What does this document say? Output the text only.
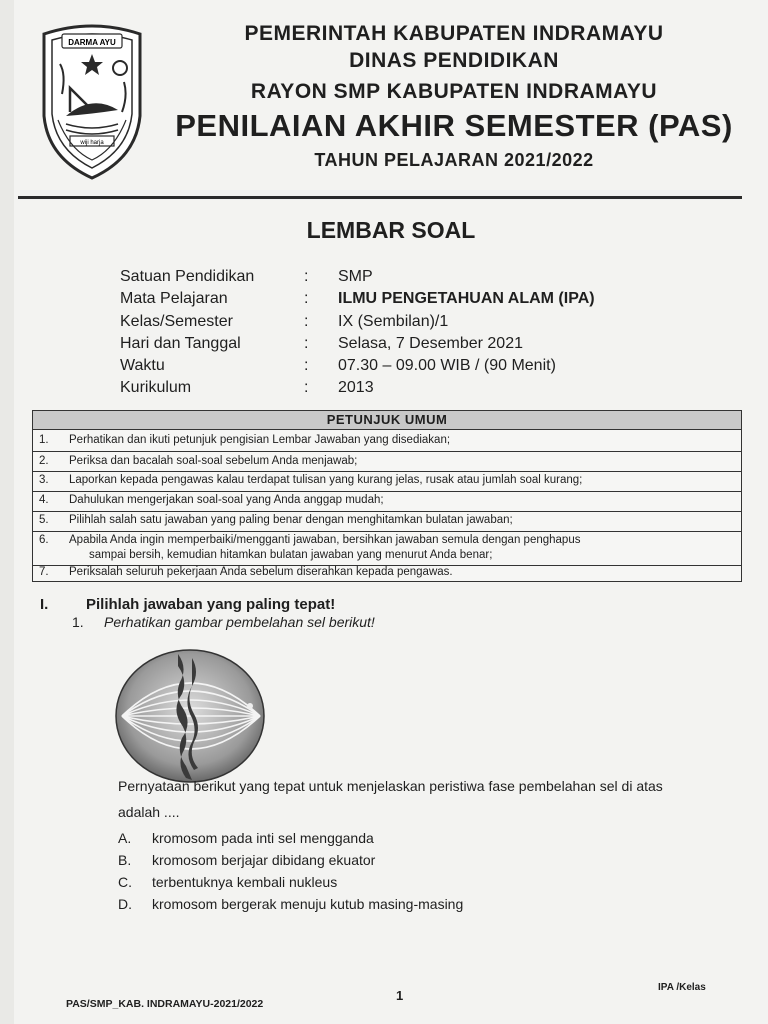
DARMA AYU
wiji harja
PEMERINTAH KABUPATEN INDRAMAYU
DINAS PENDIDIKAN
RAYON SMP KABUPATEN INDRAMAYU
PENILAIAN AKHIR SEMESTER (PAS)
TAHUN PELAJARAN 2021/2022
LEMBAR SOAL
Satuan Pendidikan	: SMP
Mata Pelajaran	: ILMU PENGETAHUAN ALAM (IPA)
Kelas/Semester	: IX (Sembilan)/1
Hari dan Tanggal	: Selasa, 7 Desember 2021
Waktu	: 07.30 – 09.00 WIB / (90 Menit)
Kurikulum	: 2013
PETUNJUK UMUM
1. Perhatikan dan ikuti petunjuk pengisian Lembar Jawaban yang disediakan;
2. Periksa dan bacalah soal-soal sebelum Anda menjawab;
3. Laporkan kepada pengawas kalau terdapat tulisan yang kurang jelas, rusak atau jumlah soal kurang;
4. Dahulukan mengerjakan soal-soal yang Anda anggap mudah;
5. Pilihlah salah satu jawaban yang paling benar dengan menghitamkan bulatan jawaban;
6. Apabila Anda ingin memperbaiki/mengganti jawaban, bersihkan jawaban semula dengan penghapus
sampai bersih, kemudian hitamkan bulatan jawaban yang menurut Anda benar;
7. Periksalah seluruh pekerjaan Anda sebelum diserahkan kepada pengawas.
I.	Pilihlah jawaban yang paling tepat!
1. Perhatikan gambar pembelahan sel berikut!
Pernyataan berikut yang tepat untuk menjelaskan peristiwa fase pembelahan sel di atas
adalah ....
A. kromosom pada inti sel mengganda
B. kromosom berjajar dibidang ekuator
C. terbentuknya kembali nukleus
D. kromosom bergerak menuju kutub masing-masing
PAS/SMP_KAB. INDRAMAYU-2021/2022
1
IPA /Kelas
